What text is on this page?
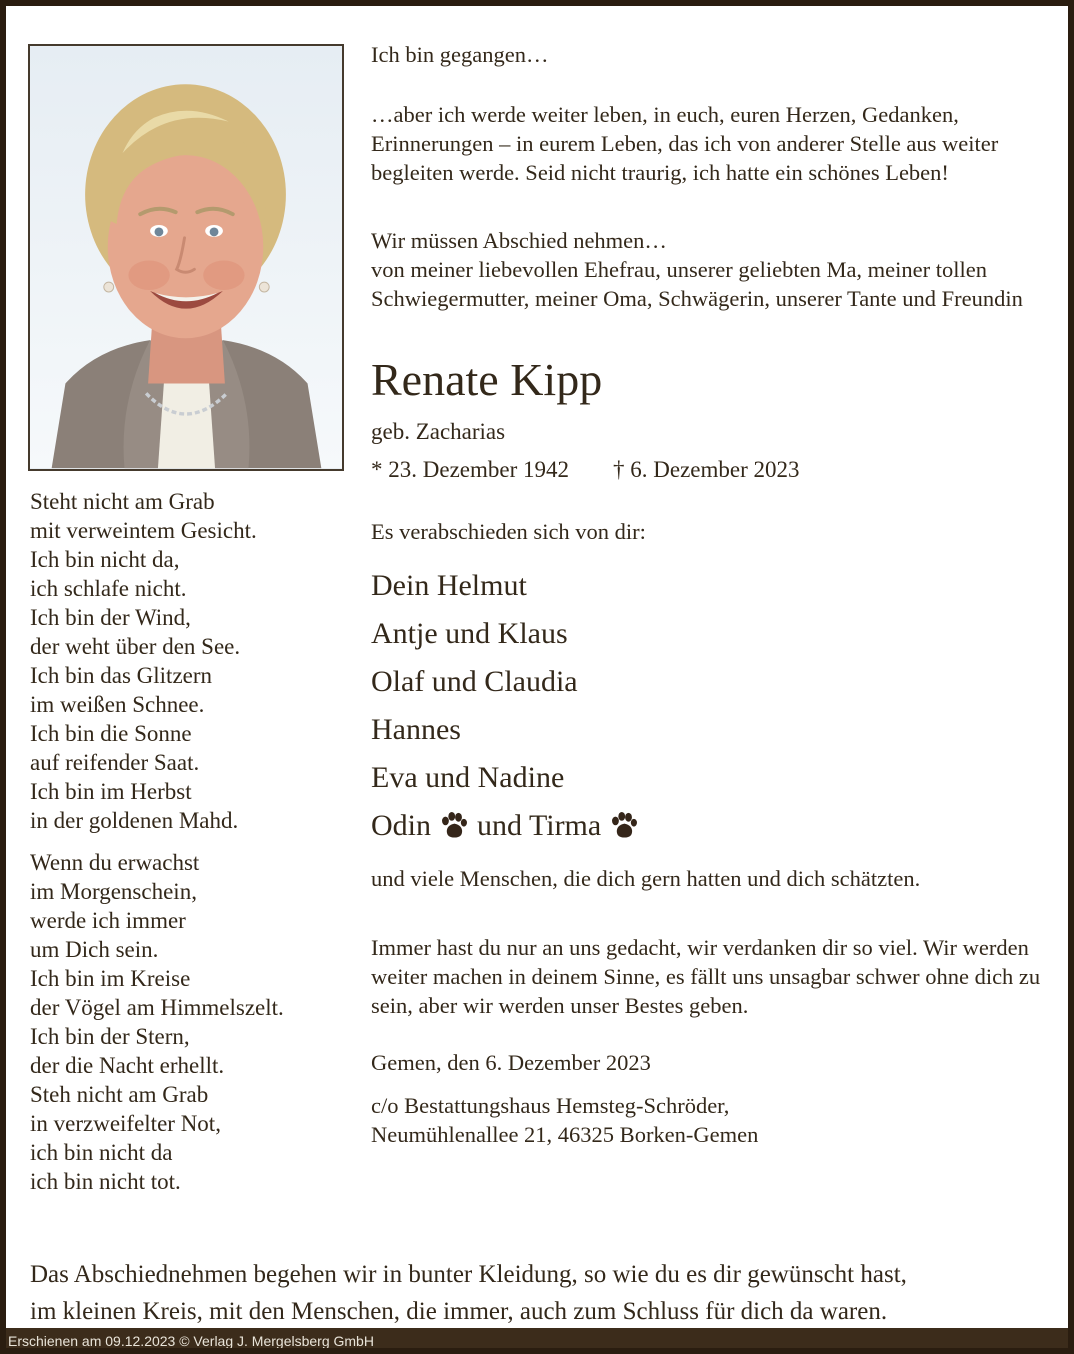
Steht nicht am Grab
mit verweintem Gesicht.
Ich bin nicht da,
ich schlafe nicht.
Ich bin der Wind,
der weht über den See.
Ich bin das Glitzern
im weißen Schnee.
Ich bin die Sonne
auf reifender Saat.
Ich bin im Herbst
in der goldenen Mahd.
Wenn du erwachst
im Morgenschein,
werde ich immer
um Dich sein.
Ich bin im Kreise
der Vögel am Himmelszelt.
Ich bin der Stern,
der die Nacht erhellt.
Steh nicht am Grab
in verzweifelter Not,
ich bin nicht da
ich bin nicht tot.
Ich bin gegangen…
…aber ich werde weiter leben, in euch, euren Herzen, Gedanken, Erinnerungen – in eurem Leben, das ich von anderer Stelle aus weiter begleiten werde. Seid nicht traurig, ich hatte ein schönes Leben!
Wir müssen Abschied nehmen…
von meiner liebevollen Ehefrau, unserer geliebten Ma, meiner tollen Schwiegermutter, meiner Oma, Schwägerin, unserer Tante und Freundin
Renate Kipp
geb. Zacharias
* 23. Dezember 1942 † 6. Dezember 2023
Es verabschieden sich von dir:
Dein Helmut
Antje und Klaus
Olaf und Claudia
Hannes
Eva und Nadine
Odin und Tirma
und viele Menschen, die dich gern hatten und dich schätzten.
Immer hast du nur an uns gedacht, wir verdanken dir so viel. Wir werden weiter machen in deinem Sinne, es fällt uns unsagbar schwer ohne dich zu sein, aber wir werden unser Bestes geben.
Gemen, den 6. Dezember 2023
c/o Bestattungshaus Hemsteg-Schröder,
Neumühlenallee 21, 46325 Borken-Gemen
Das Abschiednehmen begehen wir in bunter Kleidung, so wie du es dir gewünscht hast,
im kleinen Kreis, mit den Menschen, die immer, auch zum Schluss für dich da waren.
Erschienen am 09.12.2023 © Verlag J. Mergelsberg GmbH
